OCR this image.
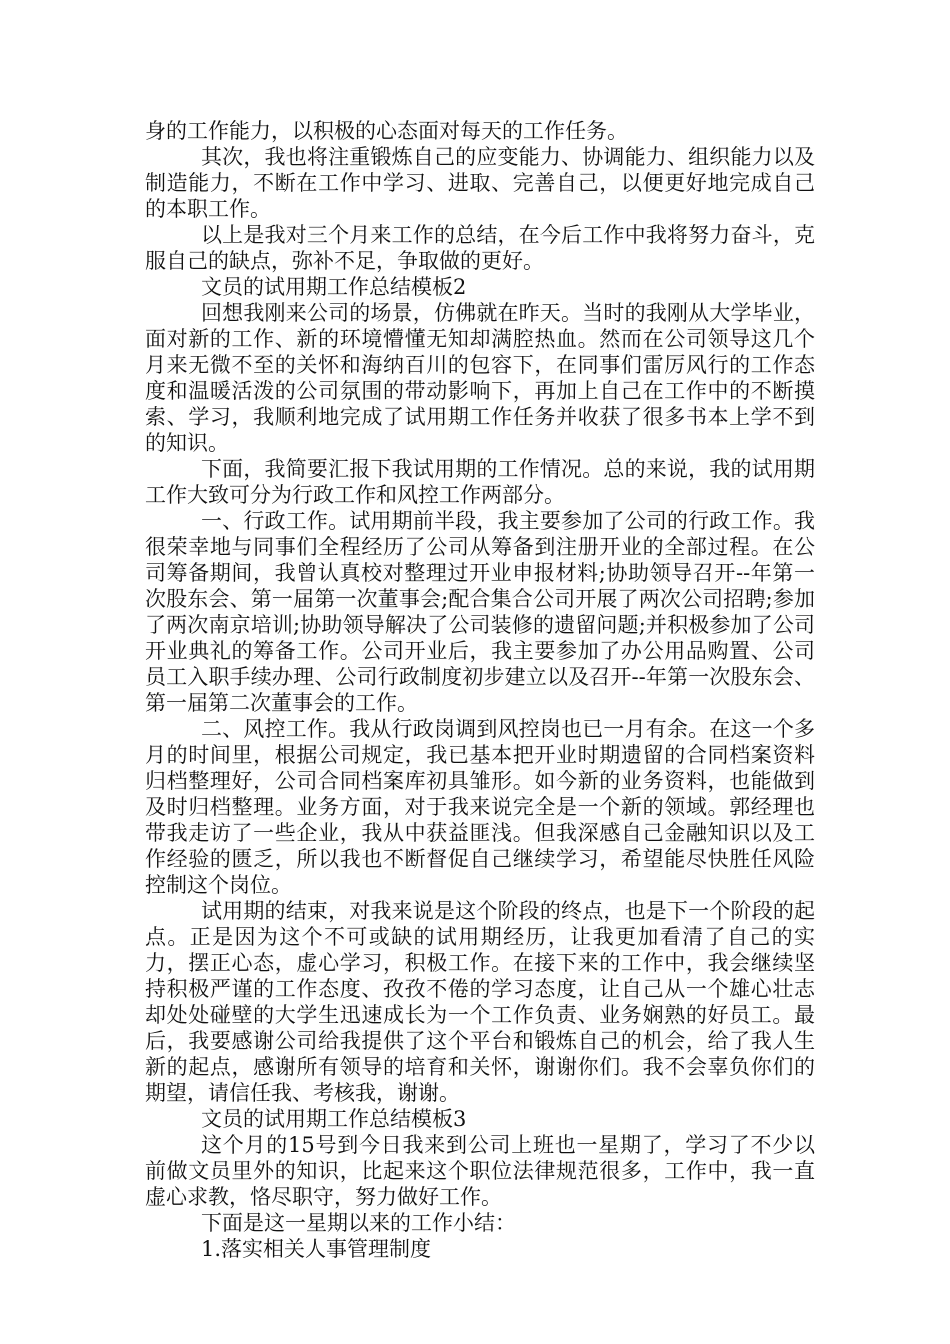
身的工作能力，以积极的心态面对每天的工作任务。

其次，我也将注重锻炼自己的应变能力、协调能力、组织能力以及制造能力，不断在工作中学习、进取、完善自己，以便更好地完成自己的本职工作。

以上是我对三个月来工作的总结，在今后工作中我将努力奋斗，克服自己的缺点，弥补不足，争取做的更好。

文员的试用期工作总结模板2

回想我刚来公司的场景，仿佛就在昨天。当时的我刚从大学毕业，面对新的工作、新的环境懵懂无知却满腔热血。然而在公司领导这几个月来无微不至的关怀和海纳百川的包容下，在同事们雷厉风行的工作态度和温暖活泼的公司氛围的带动影响下，再加上自己在工作中的不断摸索、学习，我顺利地完成了试用期工作任务并收获了很多书本上学不到的知识。

下面，我简要汇报下我试用期的工作情况。总的来说，我的试用期工作大致可分为行政工作和风控工作两部分。

一、行政工作。试用期前半段，我主要参加了公司的行政工作。我很荣幸地与同事们全程经历了公司从筹备到注册开业的全部过程。在公司筹备期间，我曾认真校对整理过开业申报材料;协助领导召开--年第一次股东会、第一届第一次董事会;配合集合公司开展了两次公司招聘;参加了两次南京培训;协助领导解决了公司装修的遗留问题;并积极参加了公司开业典礼的筹备工作。公司开业后，我主要参加了办公用品购置、公司员工入职手续办理、公司行政制度初步建立以及召开--年第一次股东会、第一届第二次董事会的工作。

二、风控工作。我从行政岗调到风控岗也已一月有余。在这一个多月的时间里，根据公司规定，我已基本把开业时期遗留的合同档案资料归档整理好，公司合同档案库初具雏形。如今新的业务资料，也能做到及时归档整理。业务方面，对于我来说完全是一个新的领域。郭经理也带我走访了一些企业，我从中获益匪浅。但我深感自己金融知识以及工作经验的匮乏，所以我也不断督促自己继续学习，希望能尽快胜任风险控制这个岗位。

试用期的结束，对我来说是这个阶段的终点，也是下一个阶段的起点。正是因为这个不可或缺的试用期经历，让我更加看清了自己的实力，摆正心态，虚心学习，积极工作。在接下来的工作中，我会继续坚持积极严谨的工作态度、孜孜不倦的学习态度，让自己从一个雄心壮志却处处碰壁的大学生迅速成长为一个工作负责、业务娴熟的好员工。最后，我要感谢公司给我提供了这个平台和锻炼自己的机会，给了我人生新的起点，感谢所有领导的培育和关怀，谢谢你们。我不会辜负你们的期望，请信任我、考核我，谢谢。

文员的试用期工作总结模板3

这个月的15号到今日我来到公司上班也一星期了，学习了不少以前做文员里外的知识，比起来这个职位法律规范很多，工作中，我一直虚心求教，恪尽职守，努力做好工作。

下面是这一星期以来的工作小结：

1.落实相关人事管理制度
